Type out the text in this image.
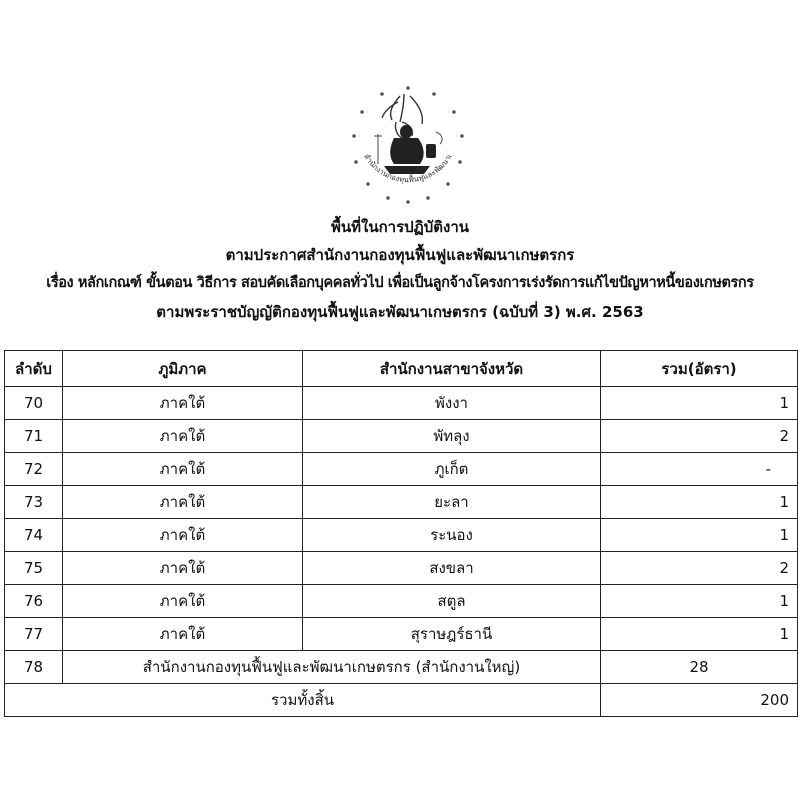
สำนักงานกองทุนฟื้นฟูและพัฒนาเ
พื้นที่ในการปฏิบัติงาน
ตามประกาศสำนักงานกองทุนฟื้นฟูและพัฒนาเกษตรกร
เรื่อง หลักเกณฑ์ ขั้นตอน วิธีการ สอบคัดเลือกบุคคลทั่วไป เพื่อเป็นลูกจ้างโครงการเร่งรัดการแก้ไขปัญหาหนี้ของเกษตรกร
ตามพระราชบัญญัติกองทุนฟื้นฟูและพัฒนาเกษตรกร (ฉบับที่ 3) พ.ศ. 2563
ลำดับ	ภูมิภาค	สำนักงานสาขาจังหวัด	รวม(อัตรา)
70	ภาคใต้	พังงา	1
71	ภาคใต้	พัทลุง	2
72	ภาคใต้	ภูเก็ต	-
73	ภาคใต้	ยะลา	1
74	ภาคใต้	ระนอง	1
75	ภาคใต้	สงขลา	2
76	ภาคใต้	สตูล	1
77	ภาคใต้	สุราษฎร์ธานี	1
78	สำนักงานกองทุนฟื้นฟูและพัฒนาเกษตรกร (สำนักงานใหญ่)		28
รวมทั้งสิ้น			200
